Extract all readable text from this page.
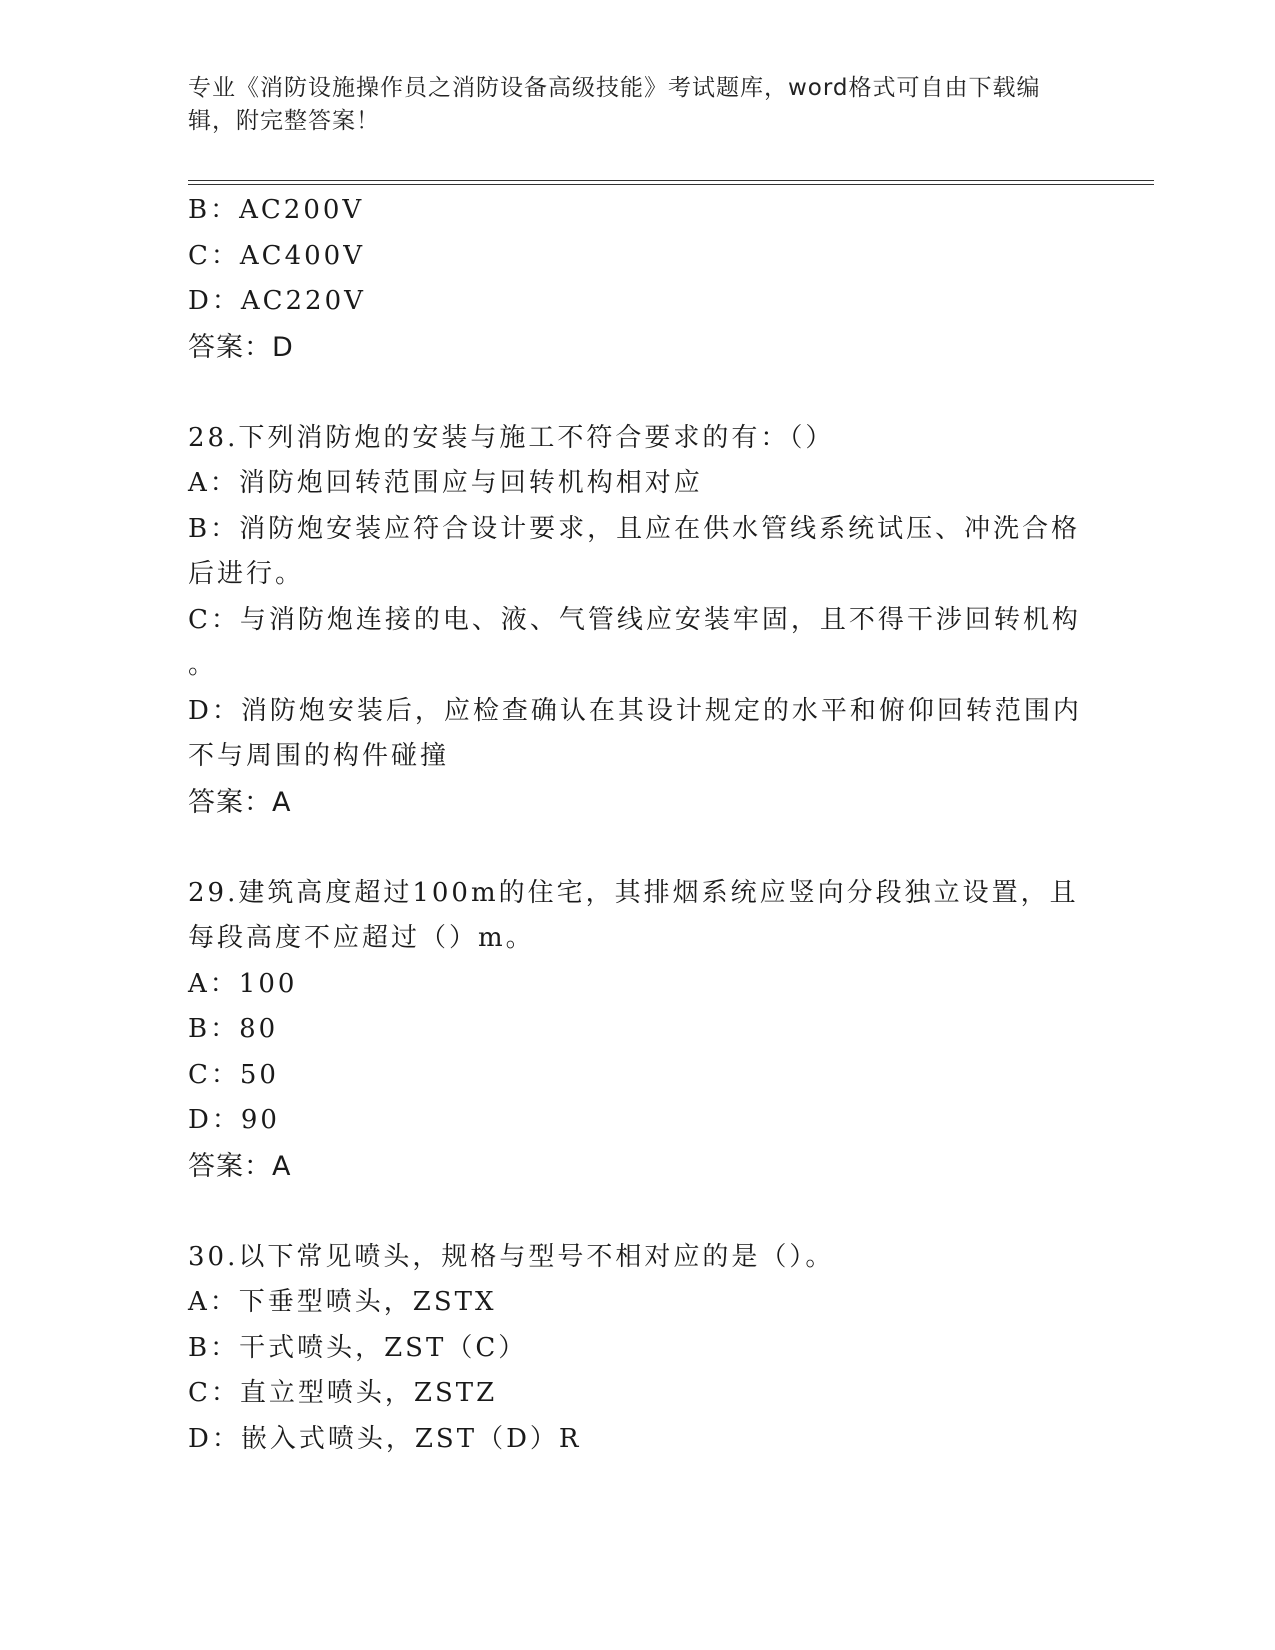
专业《消防设施操作员之消防设备高级技能》考试题库，word格式可自由下载编
辑，附完整答案！
B：AC200V
C：AC400V
D：AC220V
答案：D
28.下列消防炮的安装与施工不符合要求的有：（）
A：消防炮回转范围应与回转机构相对应
B：消防炮安装应符合设计要求，且应在供水管线系统试压、冲洗合格
后进行。
C：与消防炮连接的电、液、气管线应安装牢固，且不得干涉回转机构
。
D：消防炮安装后，应检查确认在其设计规定的水平和俯仰回转范围内
不与周围的构件碰撞
答案：A
29.建筑高度超过100m的住宅，其排烟系统应竖向分段独立设置，且
每段高度不应超过（）m。
A：100
B：80
C：50
D：90
答案：A
30.以下常见喷头，规格与型号不相对应的是（）。
A：下垂型喷头，ZSTX
B：干式喷头，ZST（C）
C：直立型喷头，ZSTZ
D：嵌入式喷头，ZST（D）R
